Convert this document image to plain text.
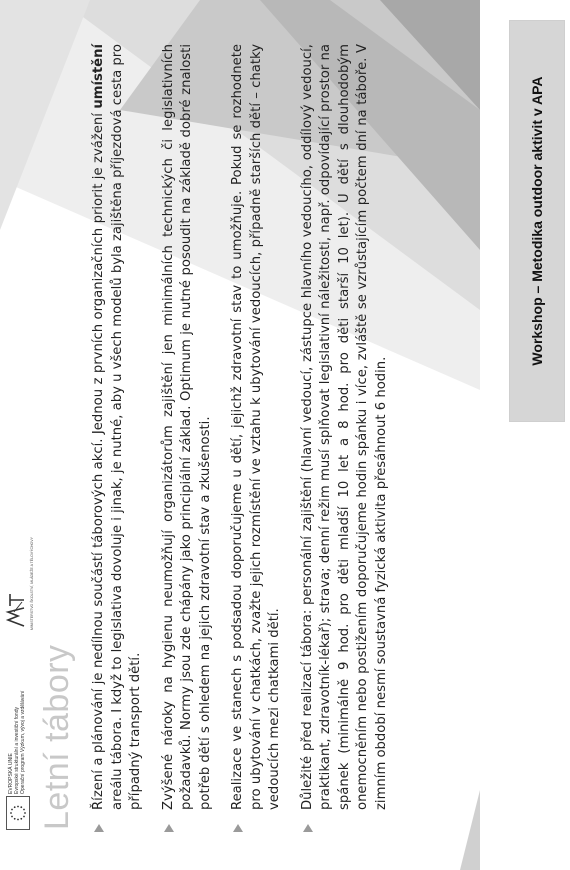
EVROPSKÁ UNIE Evropské strukturální a investiční fondy Operační program Výzkum, vývoj a vzdělávání
MINISTERSTVO ŠKOLSTVÍ, MLÁDEŽE A TĚLOVÝCHOVY
Letní tábory Řízení a plánování je nedílnou součástí táborových akcí. Jednou z prvních organizačních priorit je zvážení umístění areálu tábora. I když to legislativa dovoluje i jinak, je nutné, aby u všech modelů byla zajištěna příjezdová cesta pro případný transport dětí. Zvýšené nároky na hygienu neumožňují organizátorům zajištění jen minimálních technických či legislativních požadavků. Normy jsou zde chápány jako principiální základ. Optimum je nutné posoudit na základě dobré znalosti potřeb dětí s ohledem na jejich zdravotní stav a zkušenosti. Realizace ve stanech s podsadou doporučujeme u dětí, jejichž zdravotní stav to umožňuje. Pokud se rozhodnete pro ubytování v chatkách, zvažte jejich rozmístění ve vztahu k ubytování vedoucích, případně starších dětí – chatky vedoucích mezi chatkami dětí. Důležité před realizací tábora: personální zajištění (hlavní vedoucí, zástupce hlavního vedoucího, oddílový vedoucí, praktikant, zdravotník-lékař); strava; denní režim musí splňovat legislativní náležitosti, např. odpovídající prostor na spánek (minimálně 9 hod. pro děti mladší 10 let a 8 hod. pro děti starší 10 let). U dětí s dlouhodobým onemocněním nebo postižením doporučujeme hodin spánku i více, zvláště se vzrůstajícím počtem dní na táboře. V zimním období nesmí soustavná fyzická aktivita přesáhnout 6 hodin.
Workshop – Metodika outdoor aktivit v APA
